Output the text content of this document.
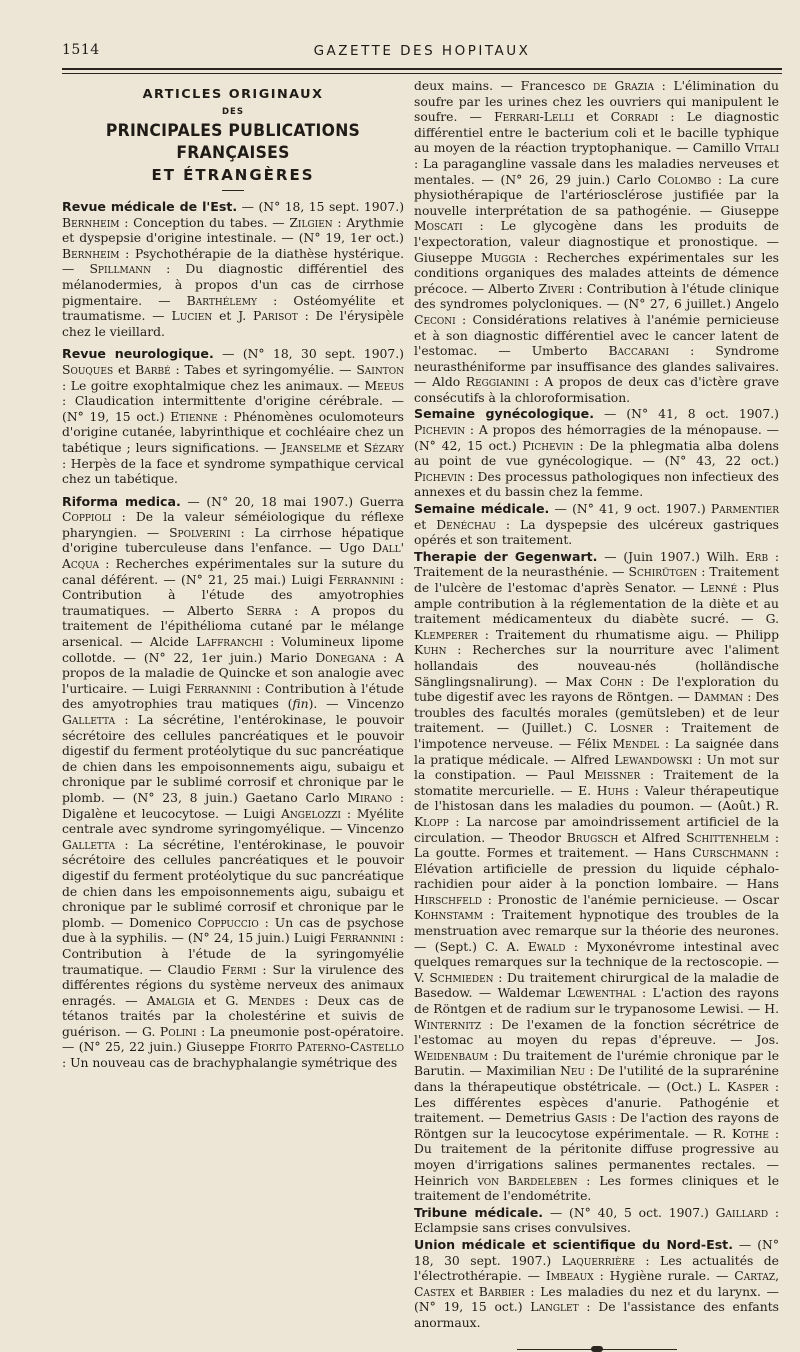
1514	GAZETTE DES HOPITAUX
ARTICLES ORIGINAUX
DES
PRINCIPALES PUBLICATIONS FRANÇAISES
ET ÉTRANGÈRES

Revue médicale de l'Est. — (N° 18, 15 sept. 1907.) Bernheim : Conception du tabes. — Zilgien : Arythmie et dyspepsie d'origine intestinale. — (N° 19, 1er oct.) Bernheim : Psychothérapie de la diathèse hystérique. — Spillmann : Du diagnostic différentiel des mélanodermies, à propos d'un cas de cirrhose pigmentaire. — Barthélemy : Ostéomyélite et traumatisme. — Lucien et J. Parisot : De l'érysipèle chez le vieillard.

Revue neurologique. — (N° 18, 30 sept. 1907.) Souques et Barbé : Tabes et syringomyélie. — Sainton : Le goitre exophtalmique chez les animaux. — Meeus : Claudication intermittente d'origine cérébrale. — (N° 19, 15 oct.) Etienne : Phénomènes oculomoteurs d'origine cutanée, labyrinthique et cochléaire chez un tabétique ; leurs significations. — Jeanselme et Sézary : Herpès de la face et syndrome sympathique cervical chez un tabétique.

Riforma medica. — (N° 20, 18 mai 1907.) Guerra Coppioli : De la valeur séméiologique du réflexe pharyngien. — Spolverini : La cirrhose hépatique d'origine tuberculeuse dans l'enfance. — Ugo Dall' Acqua : Recherches expérimentales sur la suture du canal déférent. — (N° 21, 25 mai.) Luigi Ferrannini : Contribution à l'étude des amyotrophies traumatiques. — Alberto Serra : A propos du traitement de l'épithélioma cutané par le mélange arsenical. — Alcide Laffranchi : Volumineux lipome collotde. — (N° 22, 1er juin.) Mario Donegana : A propos de la maladie de Quincke et son analogie avec l'urticaire. — Luigi Ferrannini : Contribution à l'étude des amyotrophies trau matiques (fin). — Vincenzo Galletta : La sécrétine, l'entérokinase, le pouvoir sécrétoire des cellules pancréatiques et le pouvoir digestif du ferment protéolytique du suc pancréatique de chien dans les empoisonnements aigu, subaigu et chronique par le sublimé corrosif et chronique par le plomb. — (N° 23, 8 juin.) Gaetano Carlo Mirano : Digalène et leucocytose. — Luigi Angelozzi : Myélite centrale avec syndrome syringomyélique. — Vincenzo Galletta : La sécrétine, l'entérokinase, le pouvoir sécrétoire des cellules pancréatiques et le pouvoir digestif du ferment protéolytique du suc pancréatique de chien dans les empoisonnements aigu, subaigu et chronique par le sublimé corrosif et chronique par le plomb. — Domenico Coppuccio : Un cas de psychose due à la syphilis. — (N° 24, 15 juin.) Luigi Ferrannini : Contribution à l'étude de la syringomyélie traumatique. — Claudio Fermi : Sur la virulence des différentes régions du système nerveux des animaux enragés. — Amalgia et G. Mendes : Deux cas de tétanos traités par la cholestérine et suivis de guérison. — G. Polini : La pneumonie post-opératoire. — (N° 25, 22 juin.) Giuseppe Fiorito Paterno-Castello : Un nouveau cas de brachyphalangie symétrique des

deux mains. — Francesco de Grazia : L'élimination du soufre par les urines chez les ouvriers qui manipulent le soufre. — Ferrari-Lelli et Corradi : Le diagnostic différentiel entre le bacterium coli et le bacille typhique au moyen de la réaction tryptophanique. — Camillo Vitali : La paragangline vassale dans les maladies nerveuses et mentales. — (N° 26, 29 juin.) Carlo Colombo : La cure physiothérapique de l'artériosclérose justifiée par la nouvelle interprétation de sa pathogénie. — Giuseppe Moscati : Le glycogène dans les produits de l'expectoration, valeur diagnostique et pronostique. — Giuseppe Muggia : Recherches expérimentales sur les conditions organiques des malades atteints de démence précoce. — Alberto Ziveri : Contribution à l'étude clinique des syndromes polycloniques. — (N° 27, 6 juillet.) Angelo Ceconi : Considérations relatives à l'anémie pernicieuse et à son diagnostic différentiel avec le cancer latent de l'estomac. — Umberto Baccarani : Syndrome neurasthéniforme par insuffisance des glandes salivaires. — Aldo Reggianini : A propos de deux cas d'ictère grave consécutifs à la chloroformisation.

Semaine gynécologique. — (N° 41, 8 oct. 1907.) Pichevin : A propos des hémorragies de la ménopause. — (N° 42, 15 oct.) Pichevin : De la phlegmatia alba dolens au point de vue gynécologique. — (N° 43, 22 oct.) Pichevin : Des processus pathologiques non infectieux des annexes et du bassin chez la femme.

Semaine médicale. — (N° 41, 9 oct. 1907.) Parmentier et Denéchau : La dyspepsie des ulcéreux gastriques opérés et son traitement.

Therapie der Gegenwart. — (Juin 1907.) Wilh. Erb : Traitement de la neurasthénie. — Schirütgen : Traitement de l'ulcère de l'estomac d'après Senator. — Lenné : Plus ample contribution à la réglementation de la diète et au traitement médicamenteux du diabète sucré. — G. Klemperer : Traitement du rhumatisme aigu. — Philipp Kuhn : Recherches sur la nourriture avec l'aliment hollandais des nouveau-nés (holländische Sänglingsnalirung). — Max Cohn : De l'exploration du tube digestif avec les rayons de Röntgen. — Damman : Des troubles des facultés morales (gemütsleben) et de leur traitement. — (Juillet.) C. Losner : Traitement de l'impotence nerveuse. — Félix Mendel : La saignée dans la pratique médicale. — Alfred Lewandowski : Un mot sur la constipation. — Paul Meissner : Traitement de la stomatite mercurielle. — E. Huhs : Valeur thérapeutique de l'histosan dans les maladies du poumon. — (Août.) R. Klopp : La narcose par amoindrissement artificiel de la circulation. — Theodor Brugsch et Alfred Schittenhelm : La goutte. Formes et traitement. — Hans Curschmann : Elévation artificielle de pression du liquide céphalo-rachidien pour aider à la ponction lombaire. — Hans Hirschfeld : Pronostic de l'anémie pernicieuse. — Oscar Kohnstamm : Traitement hypnotique des troubles de la menstruation avec remarque sur la théorie des neurones. — (Sept.) C. A. Ewald : Myxonévrome intestinal avec quelques remarques sur la technique de la rectoscopie. — V. Schmieden : Du traitement chirurgical de la maladie de Basedow. — Waldemar Lœwenthal : L'action des rayons de Röntgen et de radium sur le trypanosome Lewisi. — H. Winternitz : De l'examen de la fonction sécrétrice de l'estomac au moyen du repas d'épreuve. — Jos. Weidenbaum : Du traitement de l'urémie chronique par le Barutin. — Maximilian Neu : De l'utilité de la suprarénine dans la thérapeutique obstétricale. — (Oct.) L. Kasper : Les différentes espèces d'anurie. Pathogénie et traitement. — Demetrius Gasis : De l'action des rayons de Röntgen sur la leucocytose expérimentale. — R. Kothe : Du traitement de la péritonite diffuse progressive au moyen d'irrigations salines permanentes rectales. — Heinrich von Bardeleben : Les formes cliniques et le traitement de l'endométrite.

Tribune médicale. — (N° 40, 5 oct. 1907.) Gaillard : Eclampsie sans crises convulsives.

Union médicale et scientifique du Nord-Est. — (N° 18, 30 sept. 1907.) Laquerrière : Les actualités de l'électrothérapie. — Imbeaux : Hygiène rurale. — Cartaz, Castex et Barbier : Les maladies du nez et du larynx. — (N° 19, 15 oct.) Langlet : De l'assistance des enfants anormaux.
